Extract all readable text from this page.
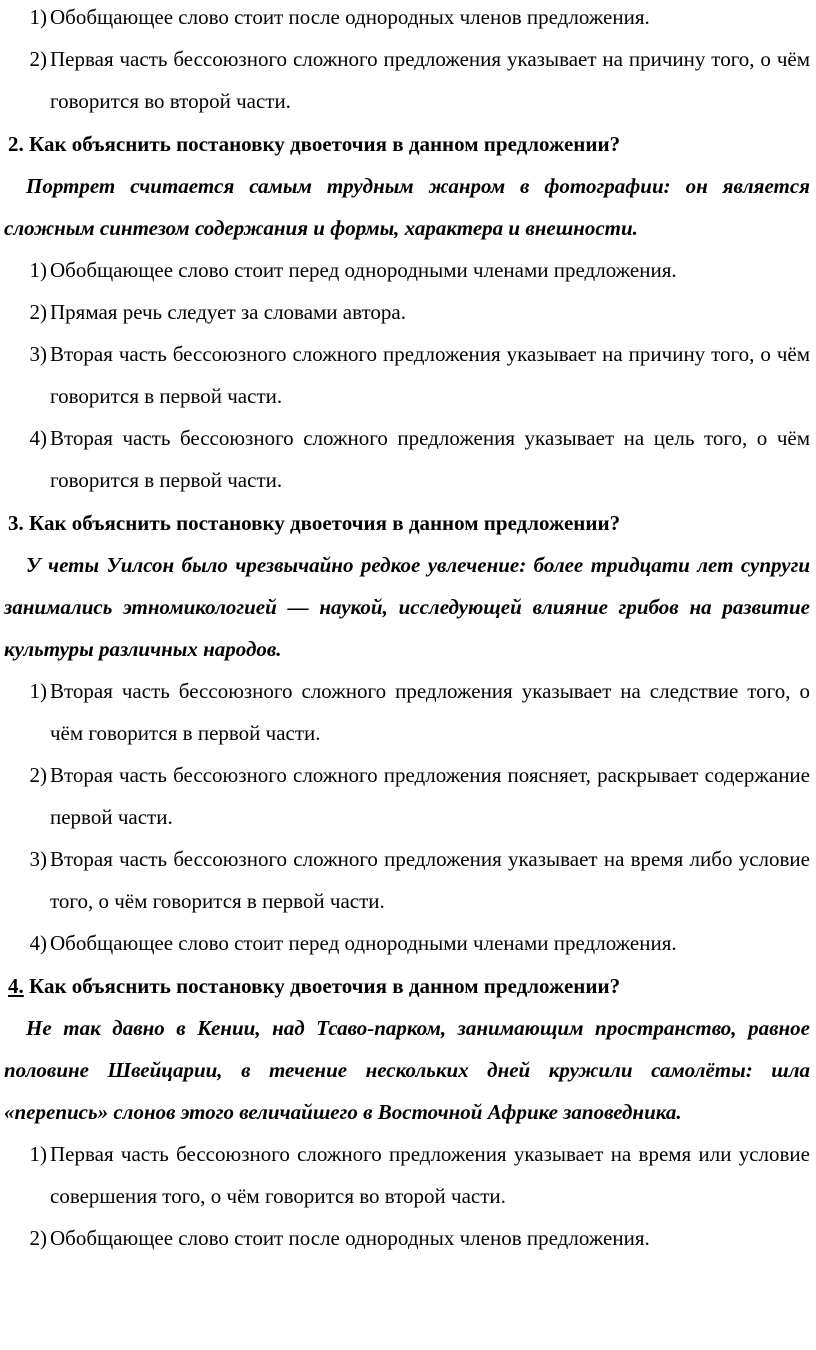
1) Обобщающее слово стоит после однородных членов предложения.
2) Первая часть бессоюзного сложного предложения указывает на причину того, о чём говорится во второй части.
2. Как объяснить постановку двоеточия в данном предложении?
Портрет считается самым трудным жанром в фотографии: он является сложным синтезом содержания и формы, характера и внешности.
1) Обобщающее слово стоит перед однородными членами предложения.
2) Прямая речь следует за словами автора.
3) Вторая часть бессоюзного сложного предложения указывает на причину того, о чём говорится в первой части.
4) Вторая часть бессоюзного сложного предложения указывает на цель того, о чём говорится в первой части.
3. Как объяснить постановку двоеточия в данном предложении?
У четы Уилсон было чрезвычайно редкое увлечение: более тридцати лет супруги занимались этномикологией — наукой, исследующей влияние грибов на развитие культуры различных народов.
1) Вторая часть бессоюзного сложного предложения указывает на следствие того, о чём говорится в первой части.
2) Вторая часть бессоюзного сложного предложения поясняет, раскрывает содержание первой части.
3) Вторая часть бессоюзного сложного предложения указывает на время либо условие того, о чём говорится в первой части.
4) Обобщающее слово стоит перед однородными членами предложения.
4. Как объяснить постановку двоеточия в данном предложении?
Не так давно в Кении, над Тсаво-парком, занимающим пространство, равное половине Швейцарии, в течение нескольких дней кружили самолёты: шла «перепись» слонов этого величайшего в Восточной Африке заповедника.
1) Первая часть бессоюзного сложного предложения указывает на время или условие совершения того, о чём говорится во второй части.
2) Обобщающее слово стоит после однородных членов предложения.
